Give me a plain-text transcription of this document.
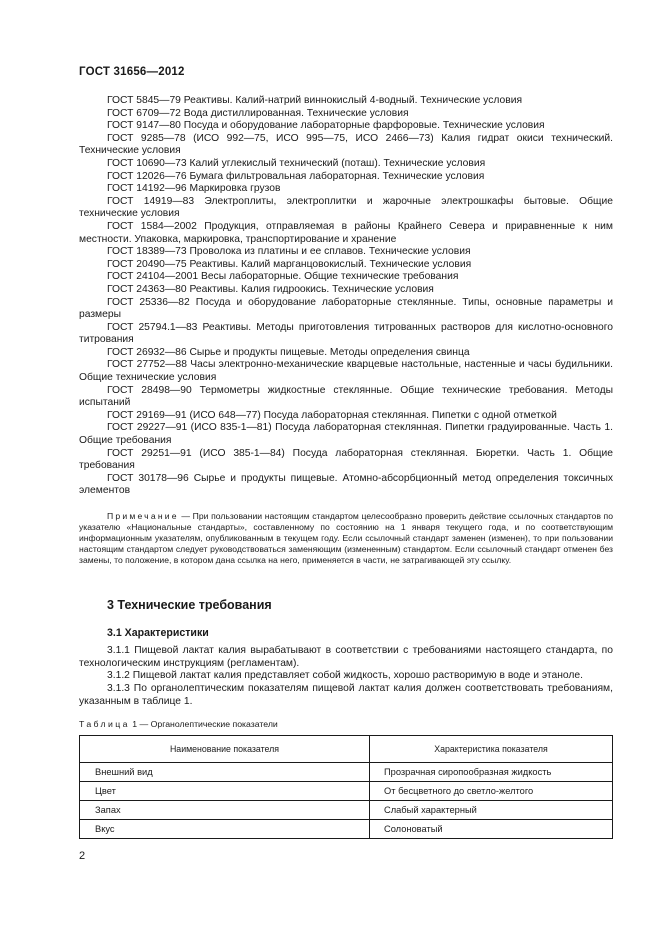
ГОСТ 31656—2012

ГОСТ 5845—79 Реактивы. Калий-натрий виннокислый 4-водный. Технические условия

ГОСТ 6709—72 Вода дистиллированная. Технические условия

ГОСТ 9147—80 Посуда и оборудование лабораторные фарфоровые. Технические условия

ГОСТ 9285—78 (ИСО 992—75, ИСО 995—75, ИСО 2466—73) Калия гидрат окиси технический. Технические условия

ГОСТ 10690—73 Калий углекислый технический (поташ). Технические условия

ГОСТ 12026—76 Бумага фильтровальная лабораторная. Технические условия

ГОСТ 14192—96 Маркировка грузов

ГОСТ 14919—83 Электроплиты, электроплитки и жарочные электрошкафы бытовые. Общие технические условия

ГОСТ 1584—2002 Продукция, отправляемая в районы Крайнего Севера и приравненные к ним местности. Упаковка, маркировка, транспортирование и хранение

ГОСТ 18389—73 Проволока из платины и ее сплавов. Технические условия

ГОСТ 20490—75 Реактивы. Калий марганцовокислый. Технические условия

ГОСТ 24104—2001 Весы лабораторные. Общие технические требования

ГОСТ 24363—80 Реактивы. Калия гидроокись. Технические условия

ГОСТ 25336—82 Посуда и оборудование лабораторные стеклянные. Типы, основные параметры и размеры

ГОСТ 25794.1—83 Реактивы. Методы приготовления титрованных растворов для кислотно-основного титрования

ГОСТ 26932—86 Сырье и продукты пищевые. Методы определения свинца

ГОСТ 27752—88 Часы электронно-механические кварцевые настольные, настенные и часы будильники. Общие технические условия

ГОСТ 28498—90 Термометры жидкостные стеклянные. Общие технические требования. Методы испытаний

ГОСТ 29169—91 (ИСО 648—77) Посуда лабораторная стеклянная. Пипетки с одной отметкой

ГОСТ 29227—91 (ИСО 835-1—81) Посуда лабораторная стеклянная. Пипетки градуированные. Часть 1. Общие требования

ГОСТ 29251—91 (ИСО 385-1—84) Посуда лабораторная стеклянная. Бюретки. Часть 1. Общие требования

ГОСТ 30178—96 Сырье и продукты пищевые. Атомно-абсорбционный метод определения токсичных элементов

Примечание — При пользовании настоящим стандартом целесообразно проверить действие ссылочных стандартов по указателю «Национальные стандарты», составленному по состоянию на 1 января текущего года, и по соответствующим информационным указателям, опубликованным в текущем году. Если ссылочный стандарт заменен (изменен), то при пользовании настоящим стандартом следует руководствоваться заменяющим (измененным) стандартом. Если ссылочный стандарт отменен без замены, то положение, в котором дана ссылка на него, применяется в части, не затрагивающей эту ссылку.

3 Технические требования
3.1 Характеристики

3.1.1 Пищевой лактат калия вырабатывают в соответствии с требованиями настоящего стандарта, по технологическим инструкциям (регламентам).

3.1.2 Пищевой лактат калия представляет собой жидкость, хорошо растворимую в воде и этаноле.

3.1.3 По органолептическим показателям пищевой лактат калия должен соответствовать требованиям, указанным в таблице 1.

Таблица 1 — Органолептические показатели
Наименование показателя	Характеристика показателя
Внешний вид	Прозрачная сиропообразная жидкость
Цвет	От бесцветного до светло-желтого
Запах	Слабый характерный
Вкус	Солоноватый
2
